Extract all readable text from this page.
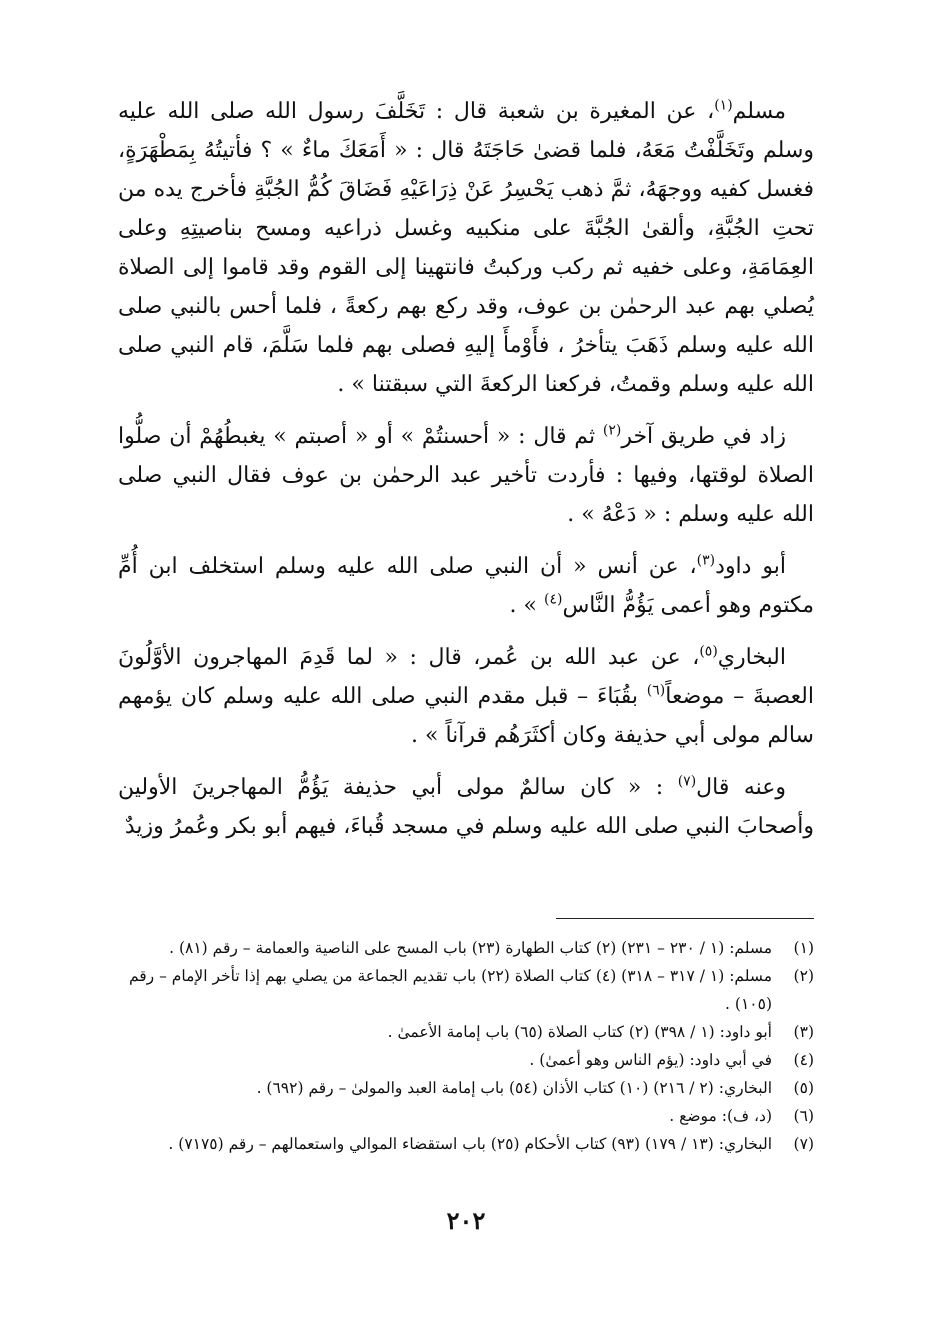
مسلم$^{(١)}$، عن المغيرة بن شعبة قال : تَخَلَّفَ رسول الله صلى الله عليه وسلم وتَخَلَّفْتُ مَعَهُ، فلما قضىٰ حَاجَتَهُ قال : « أَمَعَكَ ماءٌ » ؟ فأتيتُهُ بِمَطْهَرَةٍ، فغسل كفيه ووجهَهُ، ثمَّ ذهب يَحْسِرُ عَنْ ذِرَاعَيْهِ فَضَاقَ كُمُّ الجُبَّةِ فأخرج يده من تحتِ الجُبَّةِ، وألقىٰ الجُبَّةَ على منكبيه وغسل ذراعيه ومسح بناصيتِهِ وعلى العِمَامَةِ، وعلى خفيه ثم ركب وركبتُ فانتهينا إلى القوم وقد قاموا إلى الصلاة يُصلي بهم عبد الرحمٰن بن عوف، وقد ركع بهم ركعةً ، فلما أحس بالنبي صلى الله عليه وسلم ذَهَبَ يتأخرُ ، فأَوْمأَ إليهِ فصلى بهم فلما سَلَّمَ، قام النبي صلى الله عليه وسلم وقمتُ، فركعنا الركعةَ التي سبقتنا » .

زاد في طريق آخر$^{(٢)}$ ثم قال : « أحسنتُمْ » أو « أصبتم » يغبطُهُمْ أن صلُّوا الصلاة لوقتها، وفيها : فأردت تأخير عبد الرحمٰن بن عوف فقال النبي صلى الله عليه وسلم : « دَعْهُ » .

أبو داود$^{(٣)}$، عن أنس « أن النبي صلى الله عليه وسلم استخلف ابن أُمِّ مكتوم وهو أعمى يَؤُمُّ النَّاس$^{(٤)}$ » .

البخاري$^{(٥)}$، عن عبد الله بن عُمر، قال : « لما قَدِمَ المهاجرون الأوَّلُونَ العصبةَ – موضعاً$^{(٦)}$ بقُبَاءَ – قبل مقدم النبي صلى الله عليه وسلم كان يؤمهم سالم مولى أبي حذيفة وكان أكثَرَهُم قرآناً » .

وعنه قال$^{(٧)}$ : « كان سالمٌ مولى أبي حذيفة يَؤُمُّ المهاجرينَ الأولين وأصحابَ النبي صلى الله عليه وسلم في مسجد قُباءَ، فيهم أبو بكر وعُمرُ وزيدٌ

(١)
مسلم: (١ / ٢٣٠ – ٢٣١) (٢) كتاب الطهارة (٢٣) باب المسح على الناصية والعمامة – رقم (٨١) .
(٢)
مسلم: (١ / ٣١٧ – ٣١٨) (٤) كتاب الصلاة (٢٢) باب تقديم الجماعة من يصلي بهم إذا تأخر الإمام – رقم (١٠٥) .
(٣)
أبو داود: (١ / ٣٩٨) (٢) كتاب الصلاة (٦٥) باب إمامة الأعمىٰ .
(٤)
في أبي داود: (يؤم الناس وهو أعمىٰ) .
(٥)
البخاري: (٢ / ٢١٦) (١٠) كتاب الأذان (٥٤) باب إمامة العبد والمولىٰ – رقم (٦٩٢) .
(٦)
(د، ف): موضع .
(٧)
البخاري: (١٣ / ١٧٩) (٩٣) كتاب الأحكام (٢٥) باب استقضاء الموالي واستعمالهم – رقم (٧١٧٥) .
٢٠٢
